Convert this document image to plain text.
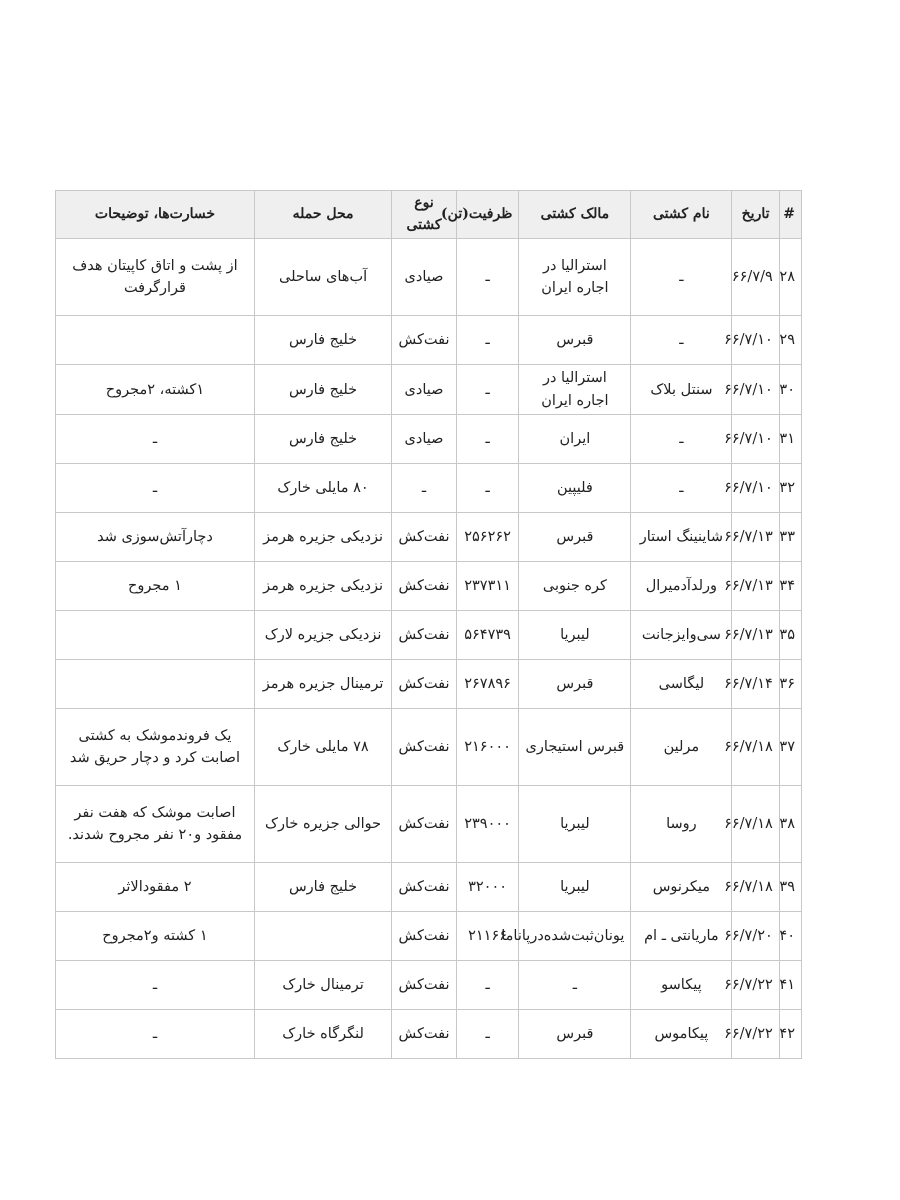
#	تاریخ	نام کشتی	مالک کشتی	ظرفیت(تن)	نوع کشتی	محل حمله	خسارت‌ها، توضیحات
۲۸	۶۶/۷/۹	ـ	استرالیا در اجاره ایران	ـ	صیادی	آب‌های ساحلی	از پشت و اتاق کاپیتان هدف قرارگرفت
۲۹	۶۶/۷/۱۰	ـ	قبرس	ـ	نفت‌کش	خلیج فارس	
۳۰	۶۶/۷/۱۰	سنتل بلاک	استرالیا در اجاره ایران	ـ	صیادی	خلیج فارس	۱کشته، ۲مجروح
۳۱	۶۶/۷/۱۰	ـ	ایران	ـ	صیادی	خلیج فارس	ـ
۳۲	۶۶/۷/۱۰	ـ	فلیپین	ـ	ـ	۸۰ مایلی خارک	ـ
۳۳	۶۶/۷/۱۳	شاینینگ استار	قبرس	۲۵۶۲۶۲	نفت‌کش	نزدیکی جزیره هرمز	دچارآتش‌سوزی شد
۳۴	۶۶/۷/۱۳	ورلدآدمیرال	کره جنوبی	۲۳۷۳۱۱	نفت‌کش	نزدیکی جزیره هرمز	۱ مجروح
۳۵	۶۶/۷/۱۳	سی‌وایزجانت	لیبریا	۵۶۴۷۳۹	نفت‌کش	نزدیکی جزیره لارک	
۳۶	۶۶/۷/۱۴	لیگاسی	قبرس	۲۶۷۸۹۶	نفت‌کش	ترمینال جزیره هرمز	
۳۷	۶۶/۷/۱۸	مرلین	قبرس استیجاری	۲۱۶۰۰۰	نفت‌کش	۷۸ مایلی خارک	یک فروندموشک به کشتی اصابت کرد و دچار حریق شد
۳۸	۶۶/۷/۱۸	روسا	لیبریا	۲۳۹۰۰۰	نفت‌کش	حوالی جزیره خارک	اصابت موشک که هفت نفر مفقود و۲۰ نفر مجروح شدند.
۳۹	۶۶/۷/۱۸	میکرنوس	لیبریا	۳۲۰۰۰	نفت‌کش	خلیج فارس	۲ مفقودالاثر
۴۰	۶۶/۷/۲۰	ماریانتی ـ ام	یونان‌ثبت‌شده‌درپاناما	۲۱۱۶۶	نفت‌کش		۱ کشته و۲مجروح
۴۱	۶۶/۷/۲۲	پیکاسو	ـ	ـ	نفت‌کش	ترمینال خارک	ـ
۴۲	۶۶/۷/۲۲	پیکاموس	قبرس	ـ	نفت‌کش	لنگرگاه خارک	ـ
